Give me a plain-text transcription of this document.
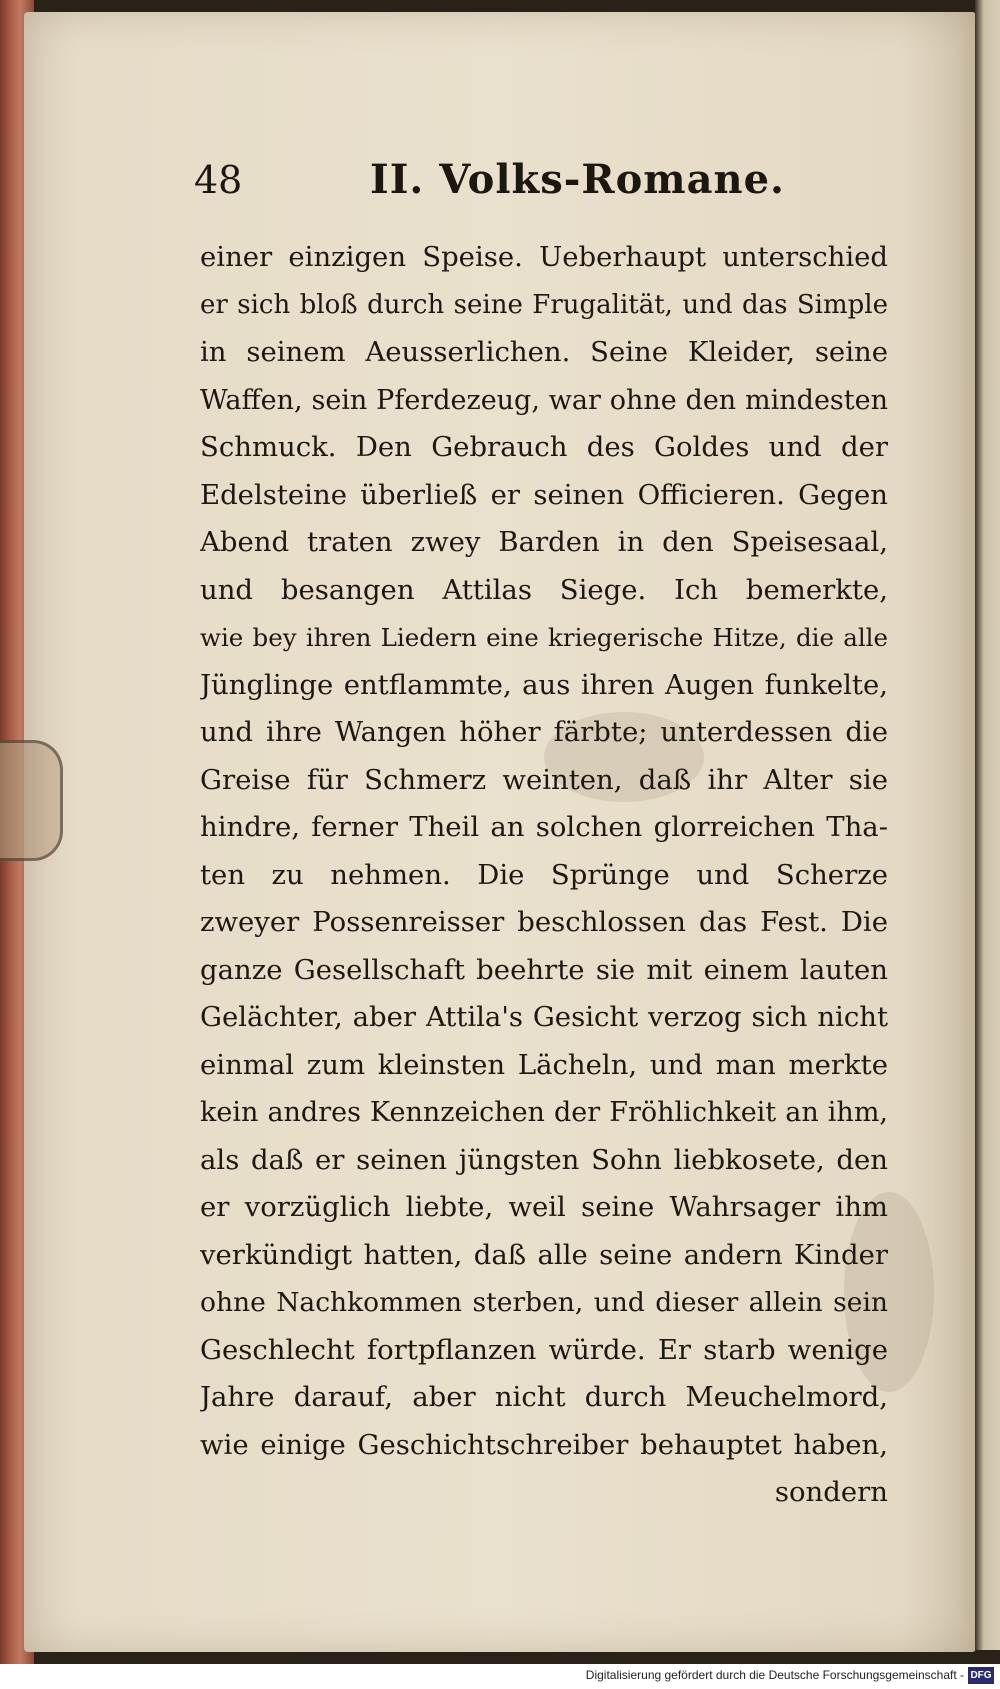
48	II. Volks-Romane.
einer einzigen Speise. Ueberhaupt unterschied
er sich bloß durch seine Frugalität, und das Simple
in seinem Aeusserlichen. Seine Kleider, seine
Waffen, sein Pferdezeug, war ohne den mindesten
Schmuck. Den Gebrauch des Goldes und der
Edelsteine überließ er seinen Officieren. Gegen
Abend traten zwey Barden in den Speisesaal,
und besangen Attilas Siege. Ich bemerkte,
wie bey ihren Liedern eine kriegerische Hitze, die alle
Jünglinge entflammte, aus ihren Augen funkelte,
und ihre Wangen höher färbte; unterdessen die
Greise für Schmerz weinten, daß ihr Alter sie
hindre, ferner Theil an solchen glorreichen Tha-
ten zu nehmen. Die Sprünge und Scherze
zweyer Possenreisser beschlossen das Fest. Die
ganze Gesellschaft beehrte sie mit einem lauten
Gelächter, aber Attila's Gesicht verzog sich nicht
einmal zum kleinsten Lächeln, und man merkte
kein andres Kennzeichen der Fröhlichkeit an ihm,
als daß er seinen jüngsten Sohn liebkosete, den
er vorzüglich liebte, weil seine Wahrsager ihm
verkündigt hatten, daß alle seine andern Kinder
ohne Nachkommen sterben, und dieser allein sein
Geschlecht fortpflanzen würde. Er starb wenige
Jahre darauf, aber nicht durch Meuchelmord,
wie einige Geschichtschreiber behauptet haben,
sondern
Digitalisierung gefördert durch die Deutsche Forschungsgemeinschaft - DFG
